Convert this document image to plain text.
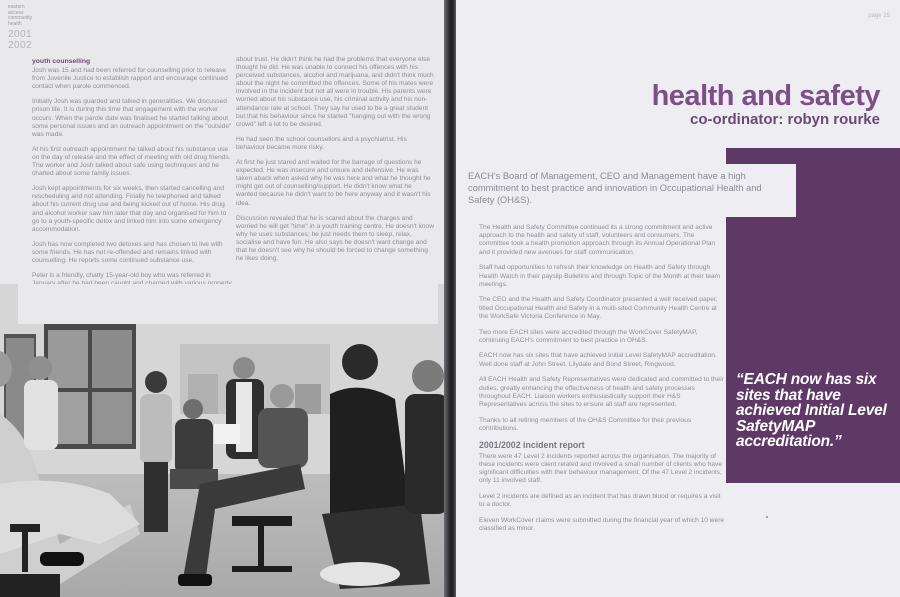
eastern
access
community
health
2001
2002
youth counselling

Josh was 15 and had been referred for counselling prior to release from Juvenile Justice to establish rapport and encourage continued contact when parole commenced.

Initially Josh was guarded and talked in generalities. We discussed prison life. It is during this time that engagement with the worker occurs. When the parole date was finalised he started talking about some personal issues and an outreach appointment on the "outside" was made.

At his first outreach appointment he talked about his substance use on the day of release and the effect of meeting with old drug friends. The worker and Josh talked about safe using techniques and he chatted about some family issues.

Josh kept appointments for six weeks, then started cancelling and rescheduling and not attending. Finally he telephoned and talked about his current drug use and being kicked out of home. His drug and alcohol worker saw him later that day and organised for him to go to a youth-specific detox and linked him into some emergency accommodation.

Josh has now completed two detoxes and has chosen to live with some friends. He has not re-offended and remains linked with counselling. He reports some continued substance use.

Peter is a friendly, chatty 15-year-old boy who was referred in

about trust. He didn't think he had the problems that everyone else thought he did. He was unable to connect his offences with his perceived substances, alcohol and marijuana, and didn't think much about the night he committed the offences. Some of his mates were involved in the incident but not all were in trouble. His parents were worried about his substance use, his criminal activity and his non-attendance rate at school. They say he used to be a great student but that his behaviour since he started "hanging out with the wrong crowd" left a lot to be desired.

He had seen the school counsellors and a psychiatrist. His behaviour became more risky.

At first he just stared and waited for the barrage of questions he expected. He was insecure and unsure and defensive. He was taken aback when asked why he was here and what he thought he might get out of counselling/support. He didn't know what he wanted because he didn't want to be here anyway and it wasn't his idea.

Discussion revealed that he is scared about the charges and worried he will get "time" in a youth training centre. He doesn't know why he uses substances; he just needs them to sleep, relax, socialise and have fun. He also says he doesn't want change and that he doesn't see why he should be forced to change something he likes doing.

page 25
health and safety
co-ordinator: robyn rourke
EACH's Board of Management, CEO and Management have a high commitment to best practice and innovation in Occupational Health and Safety (OH&S).

The Health and Safety Committee continued its a strong commitment and active approach to the health and safety of staff, volunteers and consumers. The committee took a health promotion approach through its Annual Operational Plan and it provided new avenues for staff communication.

Staff had opportunities to refresh their knowledge on Health and Safety through Health Watch in their payslip Bulletins and through Topic of the Month at their team meetings.

The CEO and the Health and Safety Coordinator presented a well received paper, titled Occupational Health and Safety in a multi-sited Community Health Centre at the WorkSafe Victoria Conference in May.

Two more EACH sites were accredited through the WorkCover SafetyMAP, continuing EACH's commitment to best practice in OH&S.

EACH now has six sites that have achieved Initial Level SafetyMAP accreditation. Well done staff at John Street, Lilydale and Bond Street, Ringwood.

All EACH Health and Safety Representatives were dedicated and committed to their duties, greatly enhancing the effectiveness of health and safety processes throughout EACH. Liaison workers enthusiastically support their H&S Representatives across the sites to ensure all staff are represented.

Thanks to all retiring members of the OH&S Committee for their previous contributions.

2001/2002 incident report

There were 47 Level 2 incidents reported across the organisation. The majority of these incidents were client related and involved a small number of clients who have significant difficulties with their behaviour management. Of the 47 Level 2 incidents, only 11 involved staff.

Level 2 incidents are defined as an incident that has drawn blood or requires a visit to a doctor.

Eleven WorkCover claims were submitted during the financial year of which 10 were classified as minor.

“EACH now has six sites that have achieved Initial Level SafetyMAP accreditation.”
